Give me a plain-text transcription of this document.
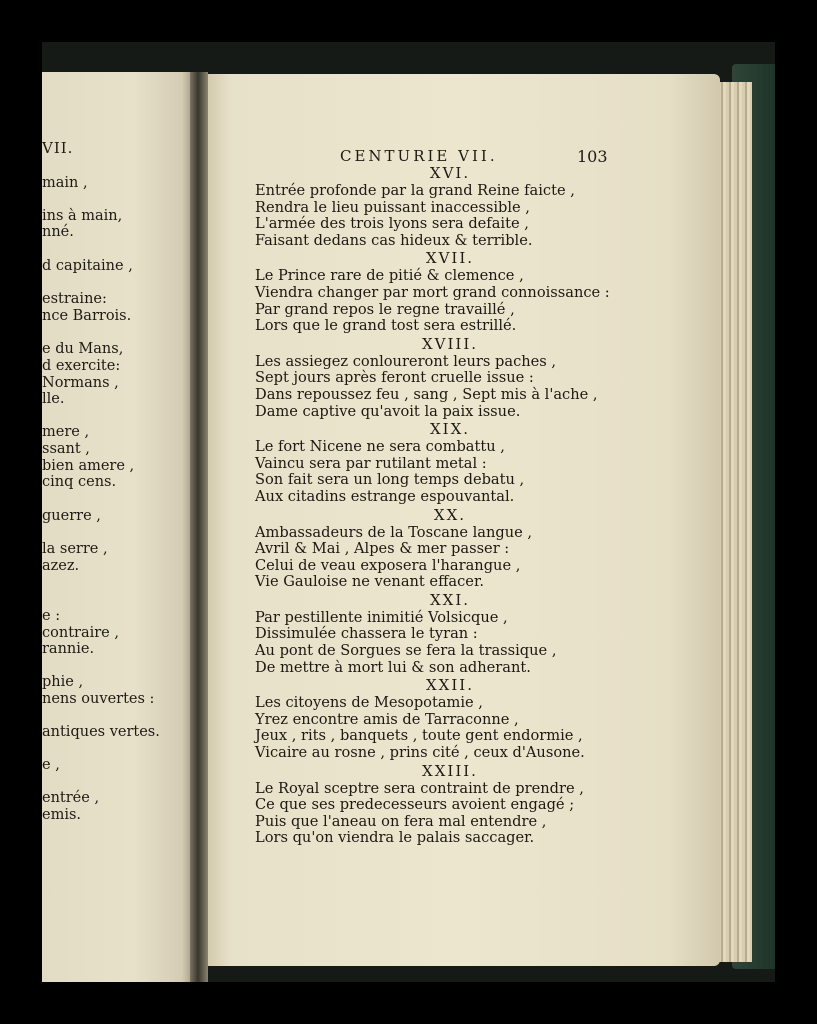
VII.
main ,
ins à main,
nné.
d capitaine ,
estraine:
nce Barrois.
e du Mans,
d exercite:
Normans ,
lle.
mere ,
ssant ,
bien amere ,
cinq cens.
guerre ,
la serre ,
azez.
e :
contraire ,
rannie.
phie ,
nens ouvertes :
antiques vertes.
e ,
entrée ,
emis.
CENTURIE VII.	103
XVI.
Entrée profonde par la grand Reine faicte ,
Rendra le lieu puissant inaccessible ,
L'armée des trois lyons sera defaite ,
Faisant dedans cas hideux & terrible.
XVII.
Le Prince rare de pitié & clemence ,
Viendra changer par mort grand connoissance :
Par grand repos le regne travaillé ,
Lors que le grand tost sera estrillé.
XVIII.
Les assiegez conloureront leurs paches ,
Sept jours après feront cruelle issue :
Dans repoussez feu , sang , Sept mis à l'ache ,
Dame captive qu'avoit la paix issue.
XIX.
Le fort Nicene ne sera combattu ,
Vaincu sera par rutilant metal :
Son fait sera un long temps debatu ,
Aux citadins estrange espouvantal.
XX.
Ambassadeurs de la Toscane langue ,
Avril & Mai , Alpes & mer passer :
Celui de veau exposera l'harangue ,
Vie Gauloise ne venant effacer.
XXI.
Par pestillente inimitié Volsicque ,
Dissimulée chassera le tyran :
Au pont de Sorgues se fera la trassique ,
De mettre à mort lui & son adherant.
XXII.
Les citoyens de Mesopotamie ,
Yrez encontre amis de Tarraconne ,
Jeux , rits , banquets , toute gent endormie ,
Vicaire au rosne , prins cité , ceux d'Ausone.
XXIII.
Le Royal sceptre sera contraint de prendre ,
Ce que ses predecesseurs avoient engagé ;
Puis que l'aneau on fera mal entendre ,
Lors qu'on viendra le palais saccager.
